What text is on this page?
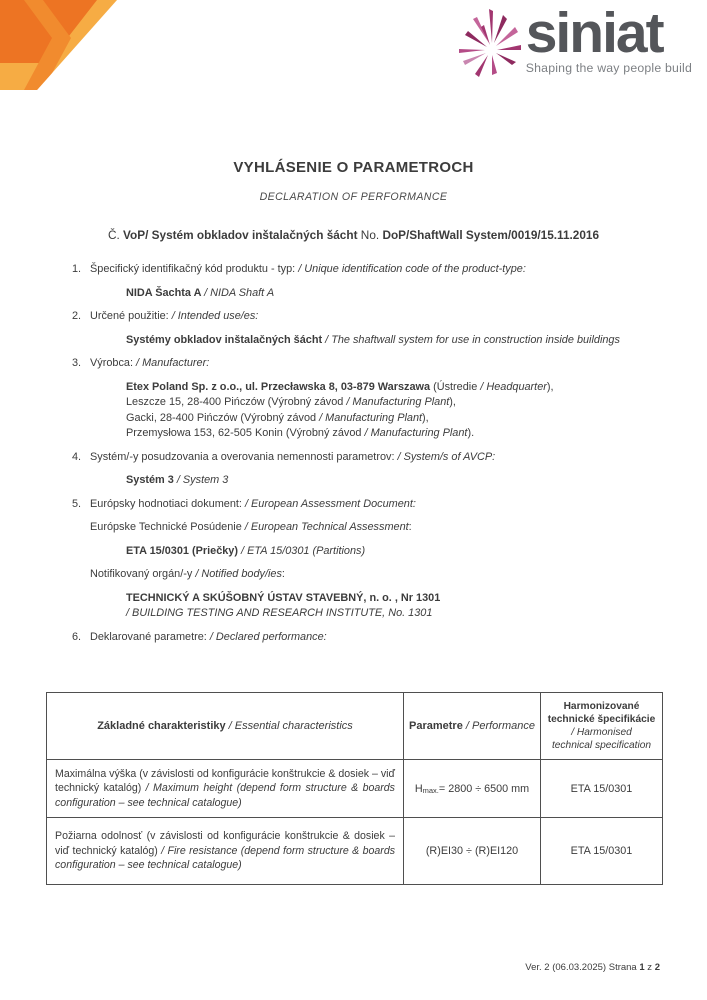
siniat
Shaping the way people build
VYHLÁSENIE O PARAMETROCH
DECLARATION OF PERFORMANCE
Č. VoP/ Systém obkladov inštalačných šácht No. DoP/ShaftWall System/0019/15.11.2016
1. Špecifický identifikačný kód produktu - typ: / Unique identification code of the product-type:
NIDA Šachta A / NIDA Shaft A
2. Určené použitie: / Intended use/es:
Systémy obkladov inštalačných šácht / The shaftwall system for use in construction inside buildings
3. Výrobca: / Manufacturer:
Etex Poland Sp. z o.o., ul. Przecławska 8, 03-879 Warszawa (Ústredie / Headquarter),
Leszcze 15, 28-400 Pińczów (Výrobný závod / Manufacturing Plant),
Gacki, 28-400 Pińczów (Výrobný závod / Manufacturing Plant),
Przemysłowa 153, 62-505 Konin (Výrobný závod / Manufacturing Plant).
4. Systém/-y posudzovania a overovania nemennosti parametrov: / System/s of AVCP:
Systém 3 / System 3
5. Európsky hodnotiaci dokument: / European Assessment Document:
Európske Technické Posúdenie / European Technical Assessment:
ETA 15/0301 (Priečky) / ETA 15/0301 (Partitions)
Notifikovaný orgán/-y / Notified body/ies:
TECHNICKÝ A SKÚŠOBNÝ ÚSTAV STAVEBNÝ, n. o. , Nr 1301
/ BUILDING TESTING AND RESEARCH INSTITUTE, No. 1301
6. Deklarované parametre: / Declared performance:
Základné charakteristiky / Essential characteristics	Parametre / Performance	Harmonizované
technické špecifikácie
/ Harmonised
technical specification
Maximálna výška (v závislosti od konfigurácie konštrukcie & dosiek – viď technický katalóg) / Maximum height (depend form structure & boards configuration – see technical catalogue)	Hmax.= 2800 ÷ 6500 mm	ETA 15/0301
Požiarna odolnosť (v závislosti od konfigurácie konštrukcie & dosiek – viď technický katalóg) / Fire resistance (depend form structure & boards configuration – see technical catalogue)	(R)EI30 ÷ (R)EI120	ETA 15/0301
Ver. 2 (06.03.2025) Strana 1 z 2
